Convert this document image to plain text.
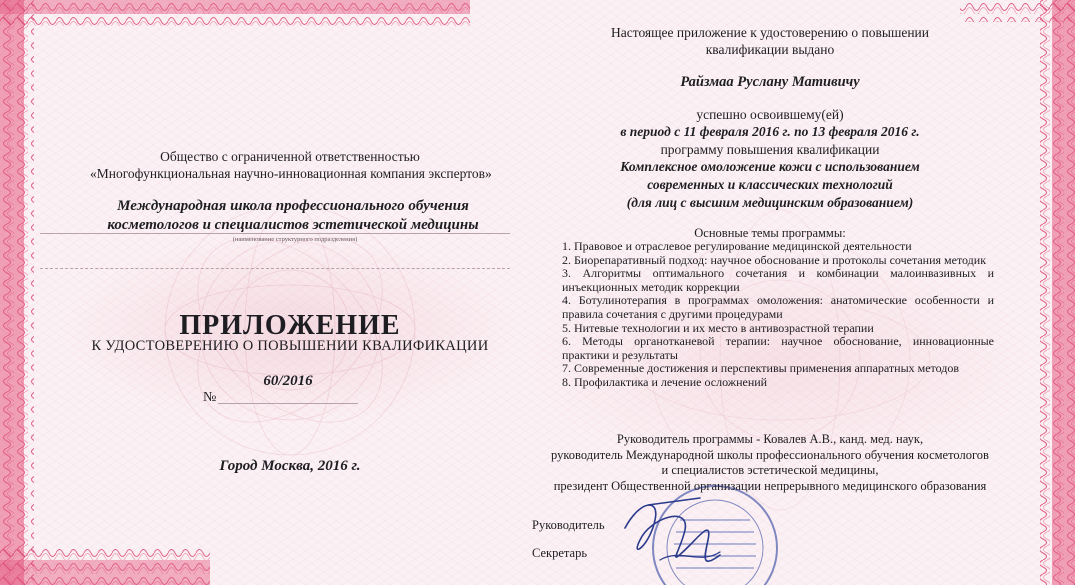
Общество с ограниченной ответственностью
«Многофункциональная научно-инновационная компания экспертов»
Международная школа профессионального обучения
косметологов и специалистов эстетической медицины
(наименование структурного подразделения)
ПРИЛОЖЕНИЕ
К УДОСТОВЕРЕНИЮ О ПОВЫШЕНИИ КВАЛИФИКАЦИИ
№
60/2016
Город Москва, 2016 г.
Настоящее приложение к удостоверению о повышении
квалификации выдано
Райзмаа Руслану Мативичу
успешно освоившему(ей)
в период с 11 февраля 2016 г. по 13 февраля 2016 г.
программу повышения квалификации
Комплексное омоложение кожи с использованием
современных и классических технологий
(для лиц с высшим медицинским образованием)
Основные темы программы:
1. Правовое и отраслевое регулирование медицинской деятельности
2. Биорепаративный подход: научное обоснование и протоколы сочетания методик
3. Алгоритмы оптимального сочетания и комбинации малоинвазивных и инъекционных методик коррекции
4. Ботулинотерапия в программах омоложения: анатомические особенности и правила сочетания с другими процедурами
5. Нитевые технологии и их место в антивозрастной терапии
6. Методы органотканевой терапии: научное обоснование, инновационные практики и результаты
7. Современные достижения и перспективы применения аппаратных методов
8. Профилактика и лечение осложнений
Руководитель программы - Ковалев А.В., канд. мед. наук,
руководитель Международной школы профессионального обучения косметологов
и специалистов эстетической медицины,
президент Общественной организации непрерывного медицинского образования
Руководитель
Секретарь
